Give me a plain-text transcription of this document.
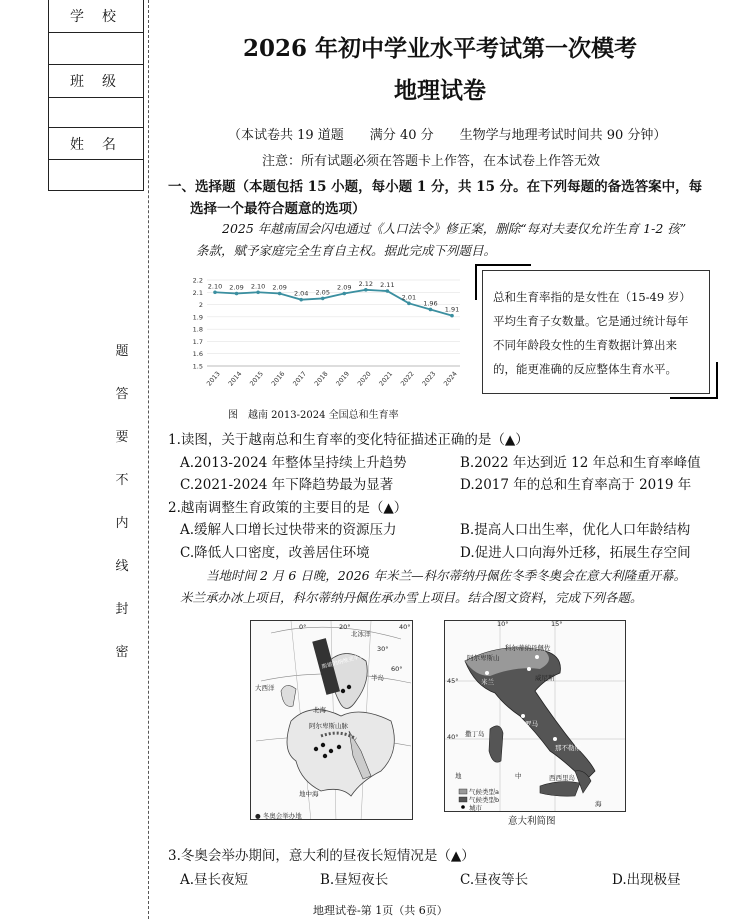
学校
班级
姓名
题
答
要
不
内
线
封
密
2026 年初中学业水平考试第一次模考
地理试卷
（本试卷共 19 道题　　满分 40 分　　生物学与地理考试时间共 90 分钟）
注意：所有试题必须在答题卡上作答，在本试卷上作答无效
一、选择题（本题包括 15 小题，每小题 1 分，共 15 分。在下列每题的备选答案中，每
选择一个最符合题意的选项）
2025 年越南国会闪电通过《人口法令》修正案，删除“每对夫妻仅允许生育 1-2 孩”
条款，赋予家庭完全生育自主权。据此完成下列题目。
2.2
2.1
2
1.9
1.8
1.7
1.6
1.5
2.10
2013
2.09
2014
2.10
2015
2.09
2016
2.04
2017
2.05
2018
2.09
2019
2.12
2020
2.11
2021
2.01
2022
1.96
2023
1.91
2024
图　越南 2013-2024 全国总和生育率
总和生育率指的是女性在（15-49 岁）
平均生育子女数量。它是通过统计每年
不同年龄段女性的生育数据计算出来
的，能更准确的反应整体生育水平。
1.读图，关于越南总和生育率的变化特征描述正确的是（▲）
A.2013-2024 年整体呈持续上升趋势	B.2022 年达到近 12 年总和生育率峰值
C.2021-2024 年下降趋势最为显著	D.2017 年的总和生育率高于 2019 年
2.越南调整生育政策的主要目的是（▲）
A.缓解人口增长过快带来的资源压力	B.提高人口出生率，优化人口年龄结构
C.降低人口密度，改善居住环境	D.促进人口向海外迁移，拓展生存空间
当地时间 2 月 6 日晚，2026 年米兰—科尔蒂纳丹佩佐冬季冬奥会在意大利隆重开幕。
米兰承办冰上项目，科尔蒂纳丹佩佐承办雪上项目。结合图文资料，完成下列各题。
0°	20°	40°
北冰洋
大西洋
北海
阿尔卑斯山脉
地中海
半岛
● 冬奥会举办地
斯堪的纳维亚半岛
30°
60°
10°	15°
40°
45°
科尔蒂纳丹佩佐
阿尔卑斯山
米兰	威尼斯
罗马
撒丁岛
那不勒斯
西西里岛
地	中
海
气候类型a
气候类型b
城市
意大利简图
3.冬奥会举办期间，意大利的昼夜长短情况是（▲）
A.昼长夜短	B.昼短夜长	C.昼夜等长	D.出现极昼
地理试卷-第 1页（共 6页）
